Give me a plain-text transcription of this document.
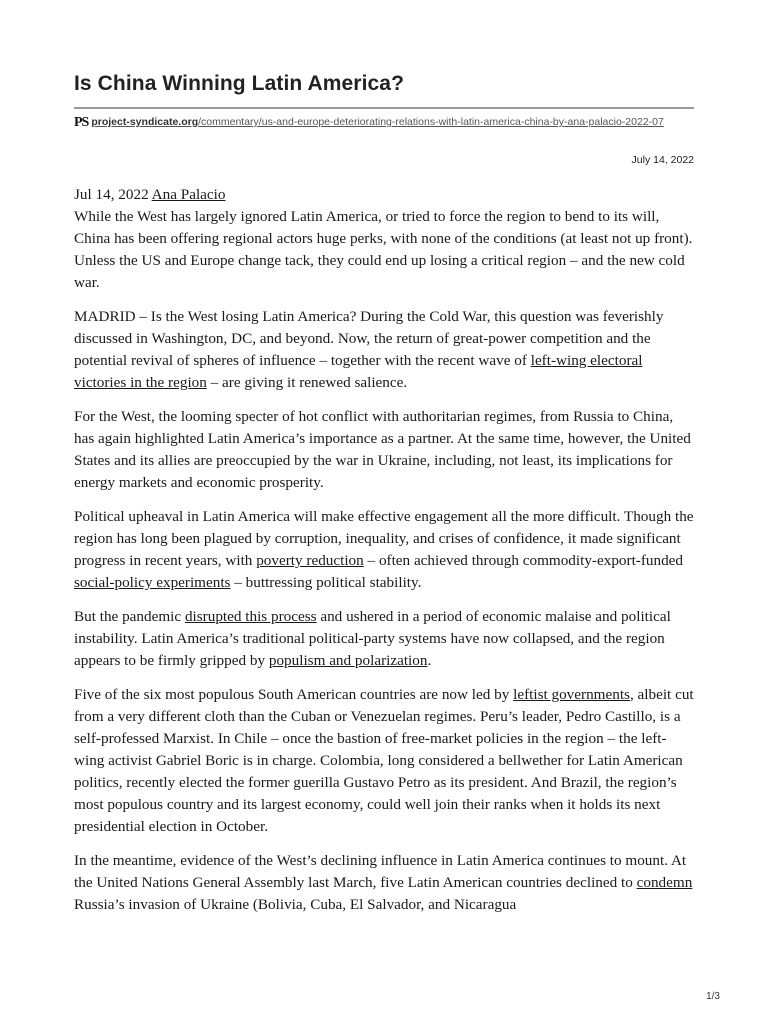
Is China Winning Latin America?
PS project-syndicate.org/commentary/us-and-europe-deteriorating-relations-with-latin-america-china-by-ana-palacio-2022-07
July 14, 2022
Jul 14, 2022 Ana Palacio

While the West has largely ignored Latin America, or tried to force the region to bend to its will, China has been offering regional actors huge perks, with none of the conditions (at least not up front). Unless the US and Europe change tack, they could end up losing a critical region – and the new cold war.

MADRID – Is the West losing Latin America? During the Cold War, this question was feverishly discussed in Washington, DC, and beyond. Now, the return of great-power competition and the potential revival of spheres of influence – together with the recent wave of left-wing electoral victories in the region – are giving it renewed salience.

For the West, the looming specter of hot conflict with authoritarian regimes, from Russia to China, has again highlighted Latin America’s importance as a partner. At the same time, however, the United States and its allies are preoccupied by the war in Ukraine, including, not least, its implications for energy markets and economic prosperity.

Political upheaval in Latin America will make effective engagement all the more difficult. Though the region has long been plagued by corruption, inequality, and crises of confidence, it made significant progress in recent years, with poverty reduction – often achieved through commodity-export-funded social-policy experiments – buttressing political stability.

But the pandemic disrupted this process and ushered in a period of economic malaise and political instability. Latin America’s traditional political-party systems have now collapsed, and the region appears to be firmly gripped by populism and polarization.

Five of the six most populous South American countries are now led by leftist governments, albeit cut from a very different cloth than the Cuban or Venezuelan regimes. Peru’s leader, Pedro Castillo, is a self-professed Marxist. In Chile – once the bastion of free-market policies in the region – the left-wing activist Gabriel Boric is in charge. Colombia, long considered a bellwether for Latin American politics, recently elected the former guerilla Gustavo Petro as its president. And Brazil, the region’s most populous country and its largest economy, could well join their ranks when it holds its next presidential election in October.

In the meantime, evidence of the West’s declining influence in Latin America continues to mount. At the United Nations General Assembly last March, five Latin American countries declined to condemn Russia’s invasion of Ukraine (Bolivia, Cuba, El Salvador, and Nicaragua

1/3
